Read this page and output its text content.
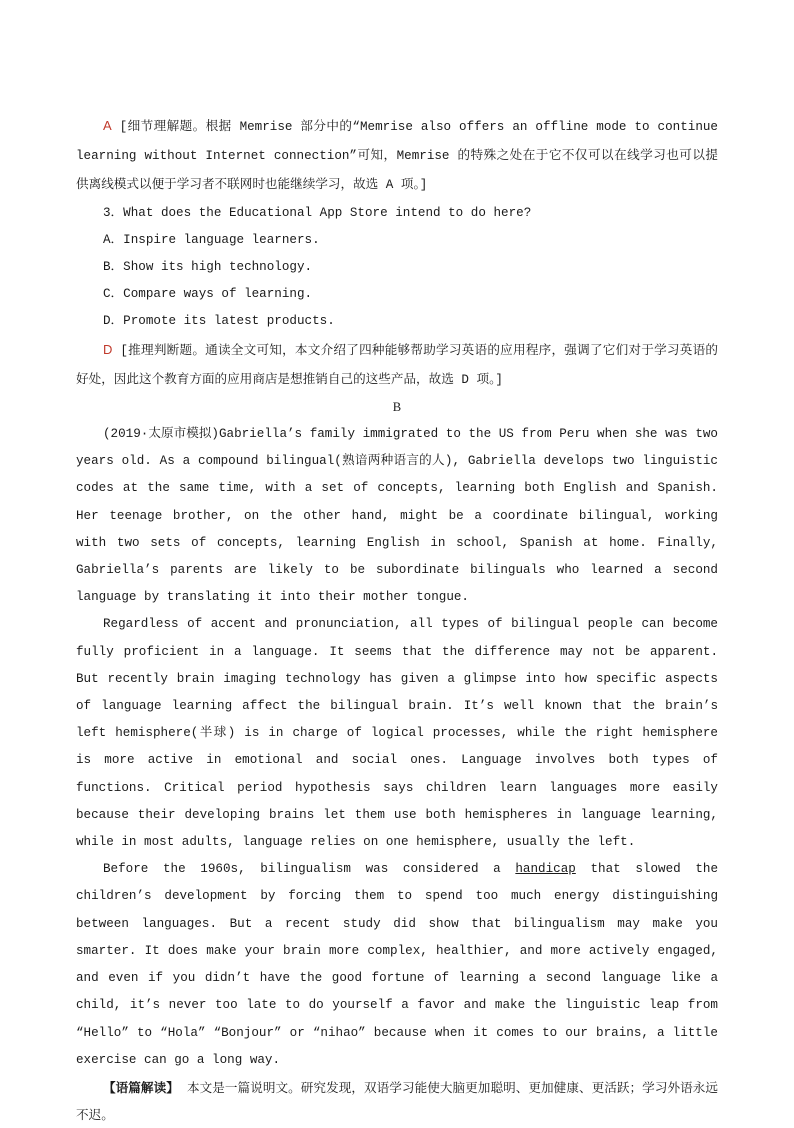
A [细节理解题。根据 Memrise 部分中的“Memrise also offers an offline mode to continue learning without Internet connection”可知，Memrise 的特殊之处在于它不仅可以在线学习也可以提供离线模式以便于学习者不联网时也能继续学习，故选 A 项。]

3．What does the Educational App Store intend to do here?

A．Inspire language learners.

B．Show its high technology.

C．Compare ways of learning.

D．Promote its latest products.

D [推理判断题。通读全文可知，本文介绍了四种能够帮助学习英语的应用程序，强调了它们对于学习英语的好处，因此这个教育方面的应用商店是想推销自己的这些产品，故选 D 项。]

B

(2019·太原市模拟)Gabriella’s family immigrated to the US from Peru when she was two years old. As a compound bilingual(熟谙两种语言的人), Gabriella develops two linguistic codes at the same time, with a set of concepts, learning both English and Spanish. Her teenage brother, on the other hand, might be a coordinate bilingual, working with two sets of concepts, learning English in school, Spanish at home. Finally, Gabriella’s parents are likely to be subordinate bilinguals who learned a second language by translating it into their mother tongue.

Regardless of accent and pronunciation, all types of bilingual people can become fully proficient in a language. It seems that the difference may not be apparent. But recently brain imaging technology has given a glimpse into how specific aspects of language learning affect the bilingual brain. It’s well known that the brain’s left hemisphere(半球) is in charge of logical processes, while the right hemisphere is more active in emotional and social ones. Language involves both types of functions. Critical period hypothesis says children learn languages more easily because their developing brains let them use both hemispheres in language learning, while in most adults, language relies on one hemisphere, usually the left.

Before the 1960s, bilingualism was considered a handicap that slowed the children’s development by forcing them to spend too much energy distinguishing between languages. But a recent study did show that bilingualism may make you smarter. It does make your brain more complex, healthier, and more actively engaged, and even if you didn’t have the good fortune of learning a second language like a child, it’s never too late to do yourself a favor and make the linguistic leap from “Hello” to “Hola” “Bonjour” or “nihao” because when it comes to our brains, a little exercise can go a long way.

【语篇解读】 本文是一篇说明文。研究发现，双语学习能使大脑更加聪明、更加健康、更活跃；学习外语永远不迟。
